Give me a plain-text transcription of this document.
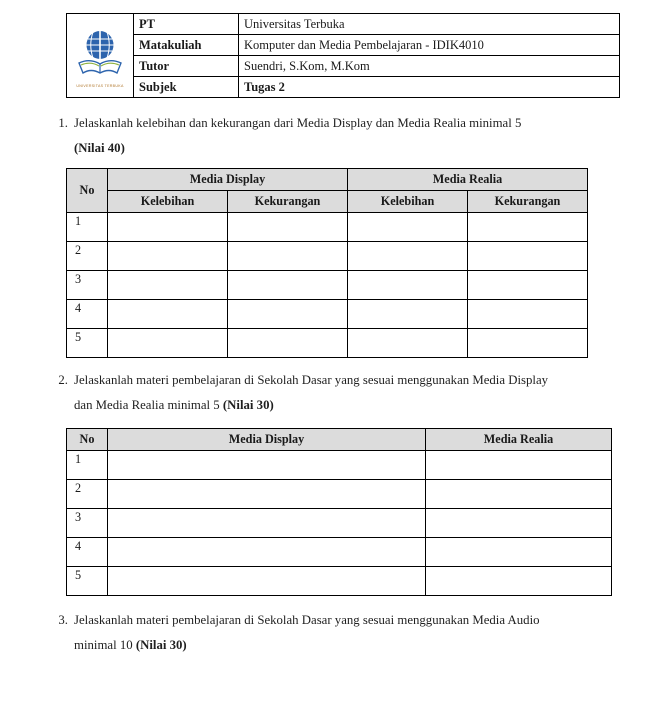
UNIVERSITAS TERBUKA	PT	Universitas Terbuka
	Matakuliah	Komputer dan Media Pembelajaran - IDIK4010
	Tutor	Suendri, S.Kom, M.Kom
	Subjek	Tugas 2
1. Jelaskanlah kelebihan dan kekurangan dari Media Display dan Media Realia minimal 5
(Nilai 40)
No	Media Display		Media Realia	
	Kelebihan	Kekurangan	Kelebihan	Kekurangan
1				
2				
3				
4				
5				
2. Jelaskanlah materi pembelajaran di Sekolah Dasar yang sesuai menggunakan Media Display
dan Media Realia minimal 5 (Nilai 30)
No	Media Display	Media Realia
1		
2		
3		
4		
5		
3. Jelaskanlah materi pembelajaran di Sekolah Dasar yang sesuai menggunakan Media Audio
minimal 10 (Nilai 30)
